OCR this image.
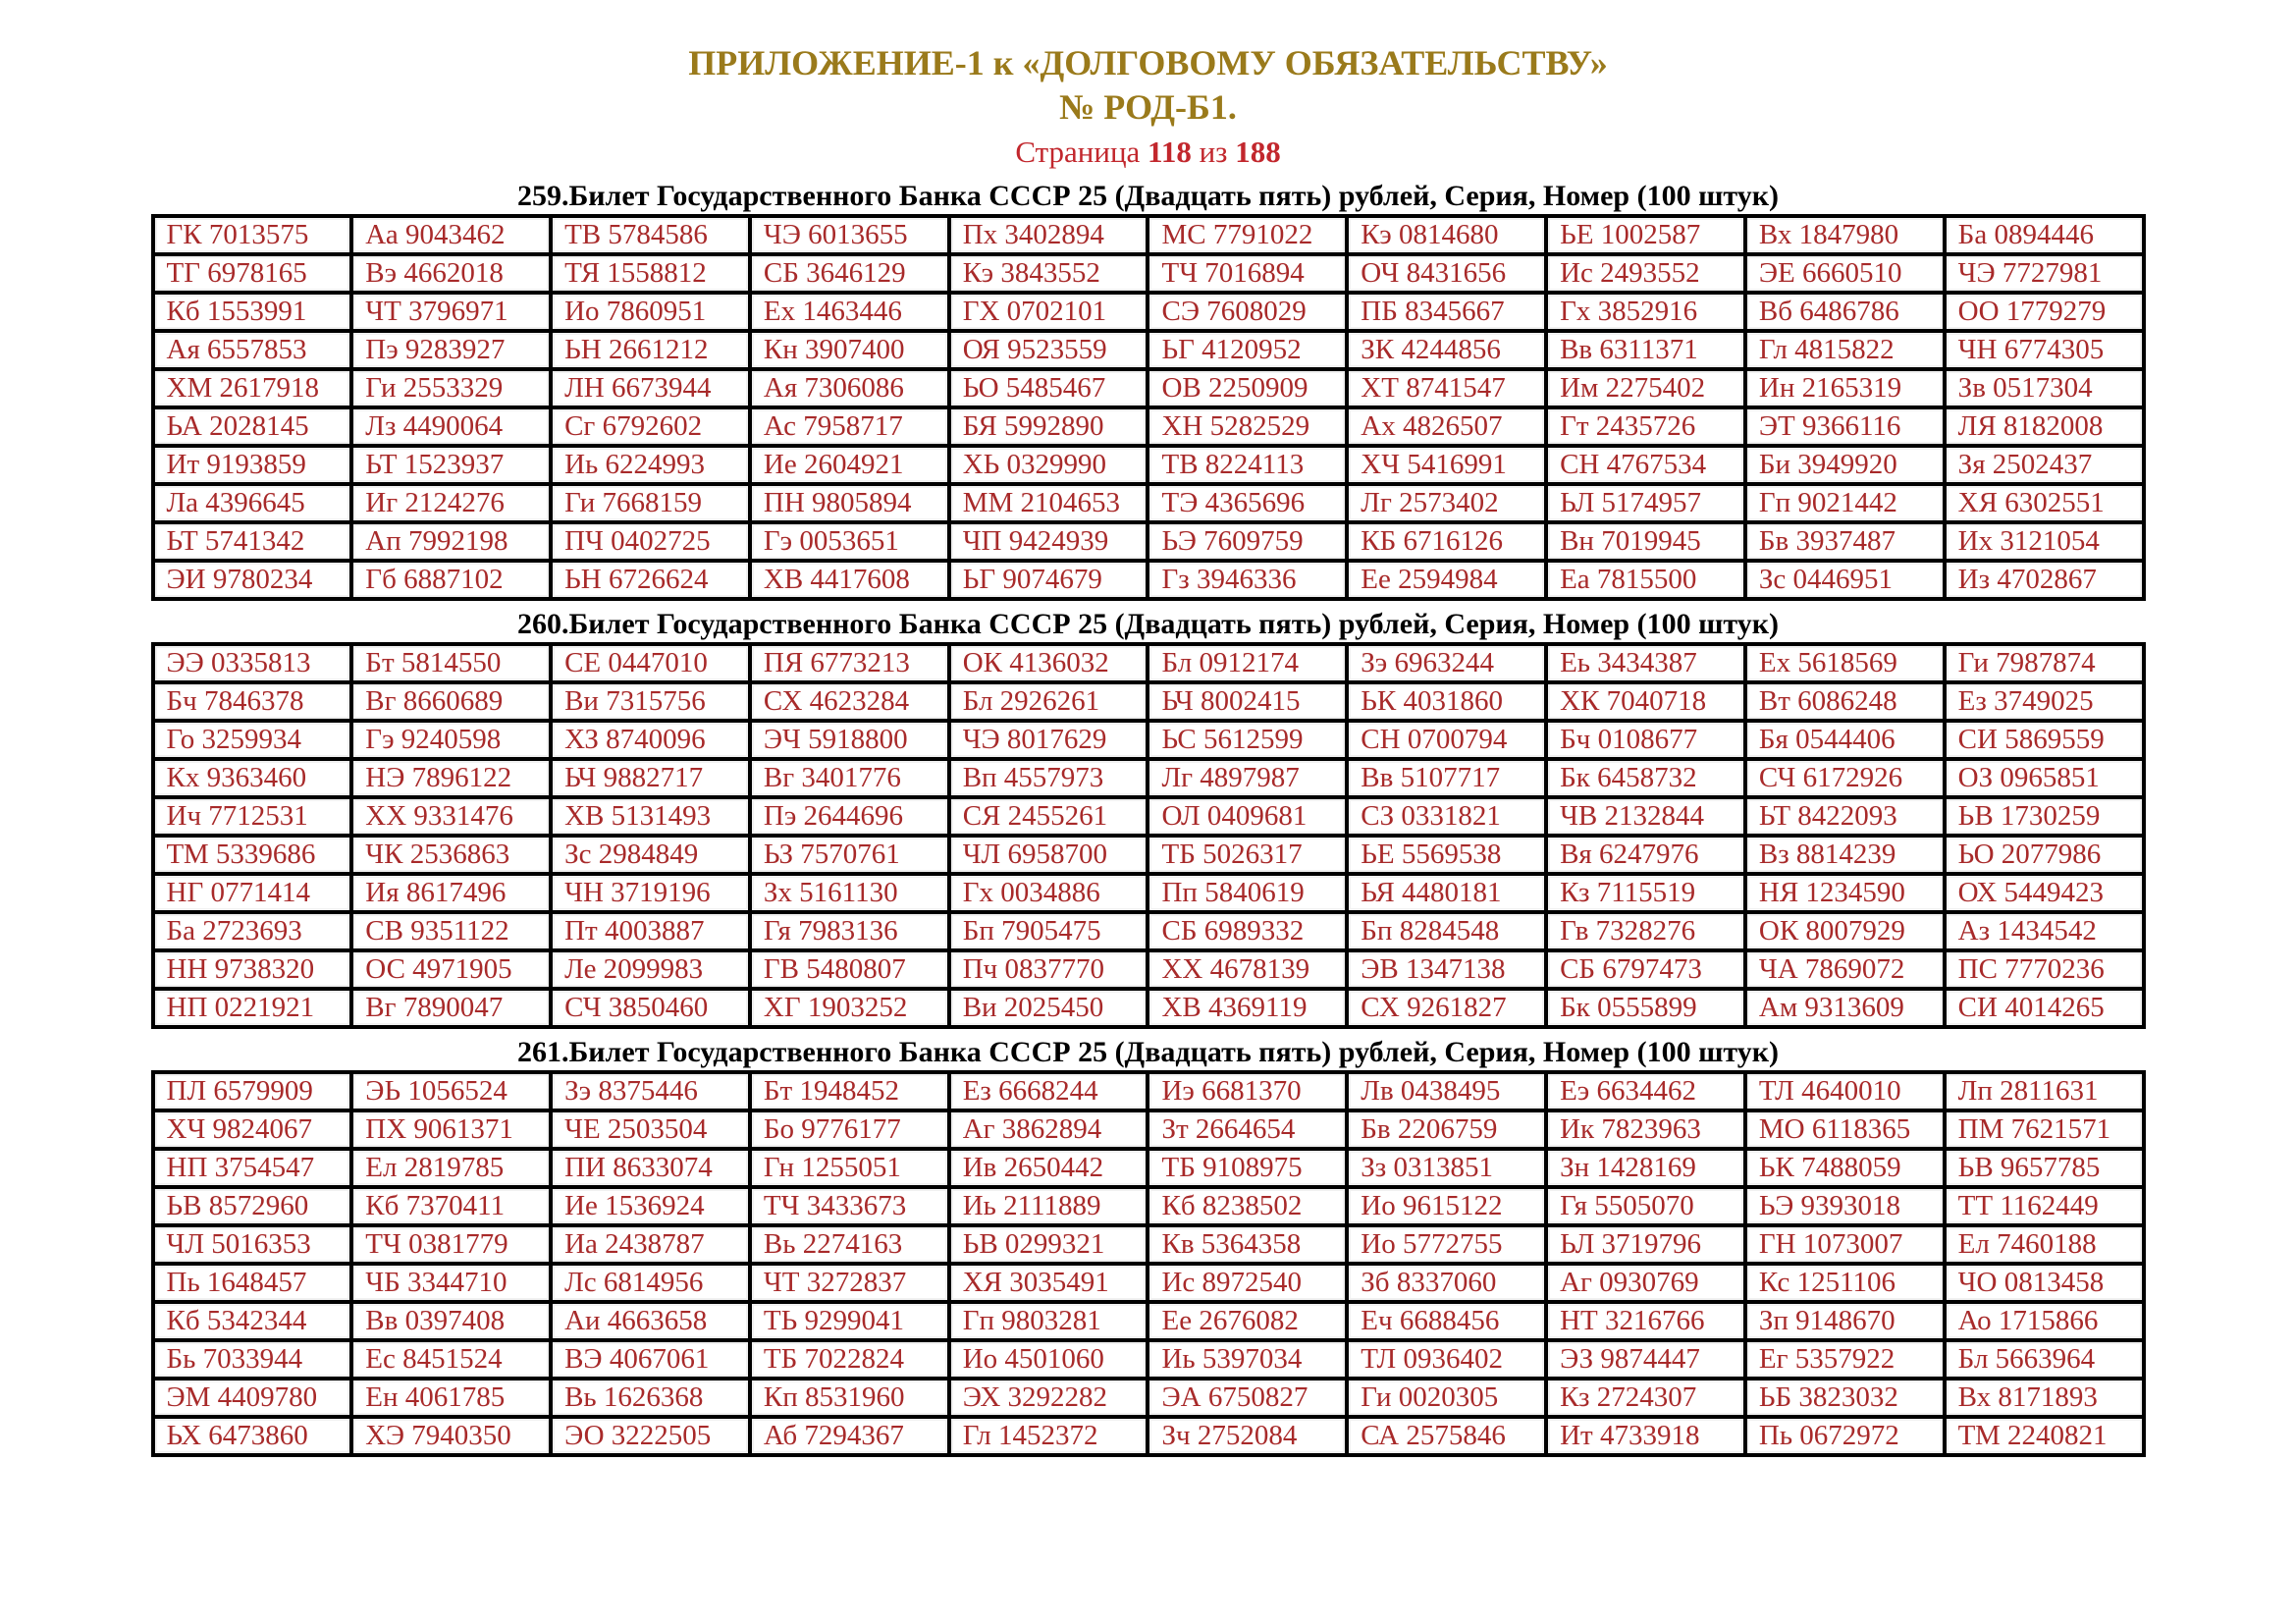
ПРИЛОЖЕНИЕ-1 к «ДОЛГОВОМУ ОБЯЗАТЕЛЬСТВУ»
№ РОД-Б1.
Страница 118 из 188
259.Билет Государственного Банка СССР 25 (Двадцать пять) рублей, Серия, Номер (100 штук)
ГК 7013575	Аа 9043462	ТВ 5784586	ЧЭ 6013655	Пх 3402894	МС 7791022	Кэ 0814680	ЬЕ 1002587	Вх 1847980	Ба 0894446
ТГ 6978165	Вэ 4662018	ТЯ 1558812	СБ 3646129	Кэ 3843552	ТЧ 7016894	ОЧ 8431656	Ис 2493552	ЭЕ 6660510	ЧЭ 7727981
Кб 1553991	ЧТ 3796971	Ио 7860951	Ех 1463446	ГХ 0702101	СЭ 7608029	ПБ 8345667	Гх 3852916	Вб 6486786	ОО 1779279
Ая 6557853	Пэ 9283927	ЬН 2661212	Кн 3907400	ОЯ 9523559	ЬГ 4120952	ЗК 4244856	Вв 6311371	Гл 4815822	ЧН 6774305
ХМ 2617918	Ги 2553329	ЛН 6673944	Ая 7306086	ЬО 5485467	ОВ 2250909	ХТ 8741547	Им 2275402	Ин 2165319	Зв 0517304
ЬА 2028145	Лз 4490064	Сг 6792602	Ас 7958717	БЯ 5992890	ХН 5282529	Ах 4826507	Гт 2435726	ЭТ 9366116	ЛЯ 8182008
Ит 9193859	ЬТ 1523937	Иь 6224993	Ие 2604921	ХЬ 0329990	ТВ 8224113	ХЧ 5416991	СН 4767534	Би 3949920	Зя 2502437
Ла 4396645	Иг 2124276	Ги 7668159	ПН 9805894	ММ 2104653	ТЭ 4365696	Лг 2573402	ЬЛ 5174957	Гп 9021442	ХЯ 6302551
ЬТ 5741342	Ап 7992198	ПЧ 0402725	Гэ 0053651	ЧП 9424939	ЬЭ 7609759	КБ 6716126	Вн 7019945	Бв 3937487	Их 3121054
ЭИ 9780234	Гб 6887102	ЬН 6726624	ХВ 4417608	ЬГ 9074679	Гз 3946336	Ее 2594984	Еа 7815500	Зс 0446951	Из 4702867
260.Билет Государственного Банка СССР 25 (Двадцать пять) рублей, Серия, Номер (100 штук)
ЭЭ 0335813	Бт 5814550	СЕ 0447010	ПЯ 6773213	ОК 4136032	Бл 0912174	Зэ 6963244	Еь 3434387	Ех 5618569	Ги 7987874
Бч 7846378	Вг 8660689	Ви 7315756	СХ 4623284	Бл 2926261	ЬЧ 8002415	ЬК 4031860	ХК 7040718	Вт 6086248	Ез 3749025
Го 3259934	Гэ 9240598	ХЗ 8740096	ЭЧ 5918800	ЧЭ 8017629	ЬС 5612599	СН 0700794	Бч 0108677	Бя 0544406	СИ 5869559
Кх 9363460	НЭ 7896122	ЬЧ 9882717	Вг 3401776	Вп 4557973	Лг 4897987	Вв 5107717	Бк 6458732	СЧ 6172926	ОЗ 0965851
Ич 7712531	ХХ 9331476	ХВ 5131493	Пэ 2644696	СЯ 2455261	ОЛ 0409681	СЗ 0331821	ЧВ 2132844	ЬТ 8422093	ЬВ 1730259
ТМ 5339686	ЧК 2536863	Зс 2984849	ЬЗ 7570761	ЧЛ 6958700	ТБ 5026317	ЬЕ 5569538	Вя 6247976	Вз 8814239	ЬО 2077986
НГ 0771414	Ия 8617496	ЧН 3719196	Зх 5161130	Гх 0034886	Пп 5840619	ЬЯ 4480181	Кз 7115519	НЯ 1234590	ОХ 5449423
Ба 2723693	СВ 9351122	Пт 4003887	Гя 7983136	Бп 7905475	СБ 6989332	Бп 8284548	Гв 7328276	ОК 8007929	Аз 1434542
НН 9738320	ОС 4971905	Ле 2099983	ГВ 5480807	Пч 0837770	ХХ 4678139	ЭВ 1347138	СБ 6797473	ЧА 7869072	ПС 7770236
НП 0221921	Вг 7890047	СЧ 3850460	ХГ 1903252	Ви 2025450	ХВ 4369119	СХ 9261827	Бк 0555899	Ам 9313609	СИ 4014265
261.Билет Государственного Банка СССР 25 (Двадцать пять) рублей, Серия, Номер (100 штук)
ПЛ 6579909	ЭЬ 1056524	Зэ 8375446	Бт 1948452	Ез 6668244	Иэ 6681370	Лв 0438495	Еэ 6634462	ТЛ 4640010	Лп 2811631
ХЧ 9824067	ПХ 9061371	ЧЕ 2503504	Бо 9776177	Аг 3862894	Зт 2664654	Бв 2206759	Ик 7823963	МО 6118365	ПМ 7621571
НП 3754547	Ел 2819785	ПИ 8633074	Гн 1255051	Ив 2650442	ТБ 9108975	Зз 0313851	Зн 1428169	ЬК 7488059	ЬВ 9657785
ЬВ 8572960	Кб 7370411	Ие 1536924	ТЧ 3433673	Иь 2111889	Кб 8238502	Ио 9615122	Гя 5505070	ЬЭ 9393018	ТТ 1162449
ЧЛ 5016353	ТЧ 0381779	Иа 2438787	Вь 2274163	ЬВ 0299321	Кв 5364358	Ио 5772755	ЬЛ 3719796	ГН 1073007	Ел 7460188
Пь 1648457	ЧБ 3344710	Лс 6814956	ЧТ 3272837	ХЯ 3035491	Ис 8972540	Зб 8337060	Аг 0930769	Кс 1251106	ЧО 0813458
Кб 5342344	Вв 0397408	Аи 4663658	ТЬ 9299041	Гп 9803281	Ее 2676082	Еч 6688456	НТ 3216766	Зп 9148670	Ао 1715866
Бь 7033944	Ес 8451524	ВЭ 4067061	ТБ 7022824	Ио 4501060	Иь 5397034	ТЛ 0936402	ЭЗ 9874447	Ег 5357922	Бл 5663964
ЭМ 4409780	Ен 4061785	Вь 1626368	Кп 8531960	ЭХ 3292282	ЭА 6750827	Ги 0020305	Кз 2724307	ЬБ 3823032	Вх 8171893
ЬХ 6473860	ХЭ 7940350	ЭО 3222505	Аб 7294367	Гл 1452372	Зч 2752084	СА 2575846	Ит 4733918	Пь 0672972	ТМ 2240821
